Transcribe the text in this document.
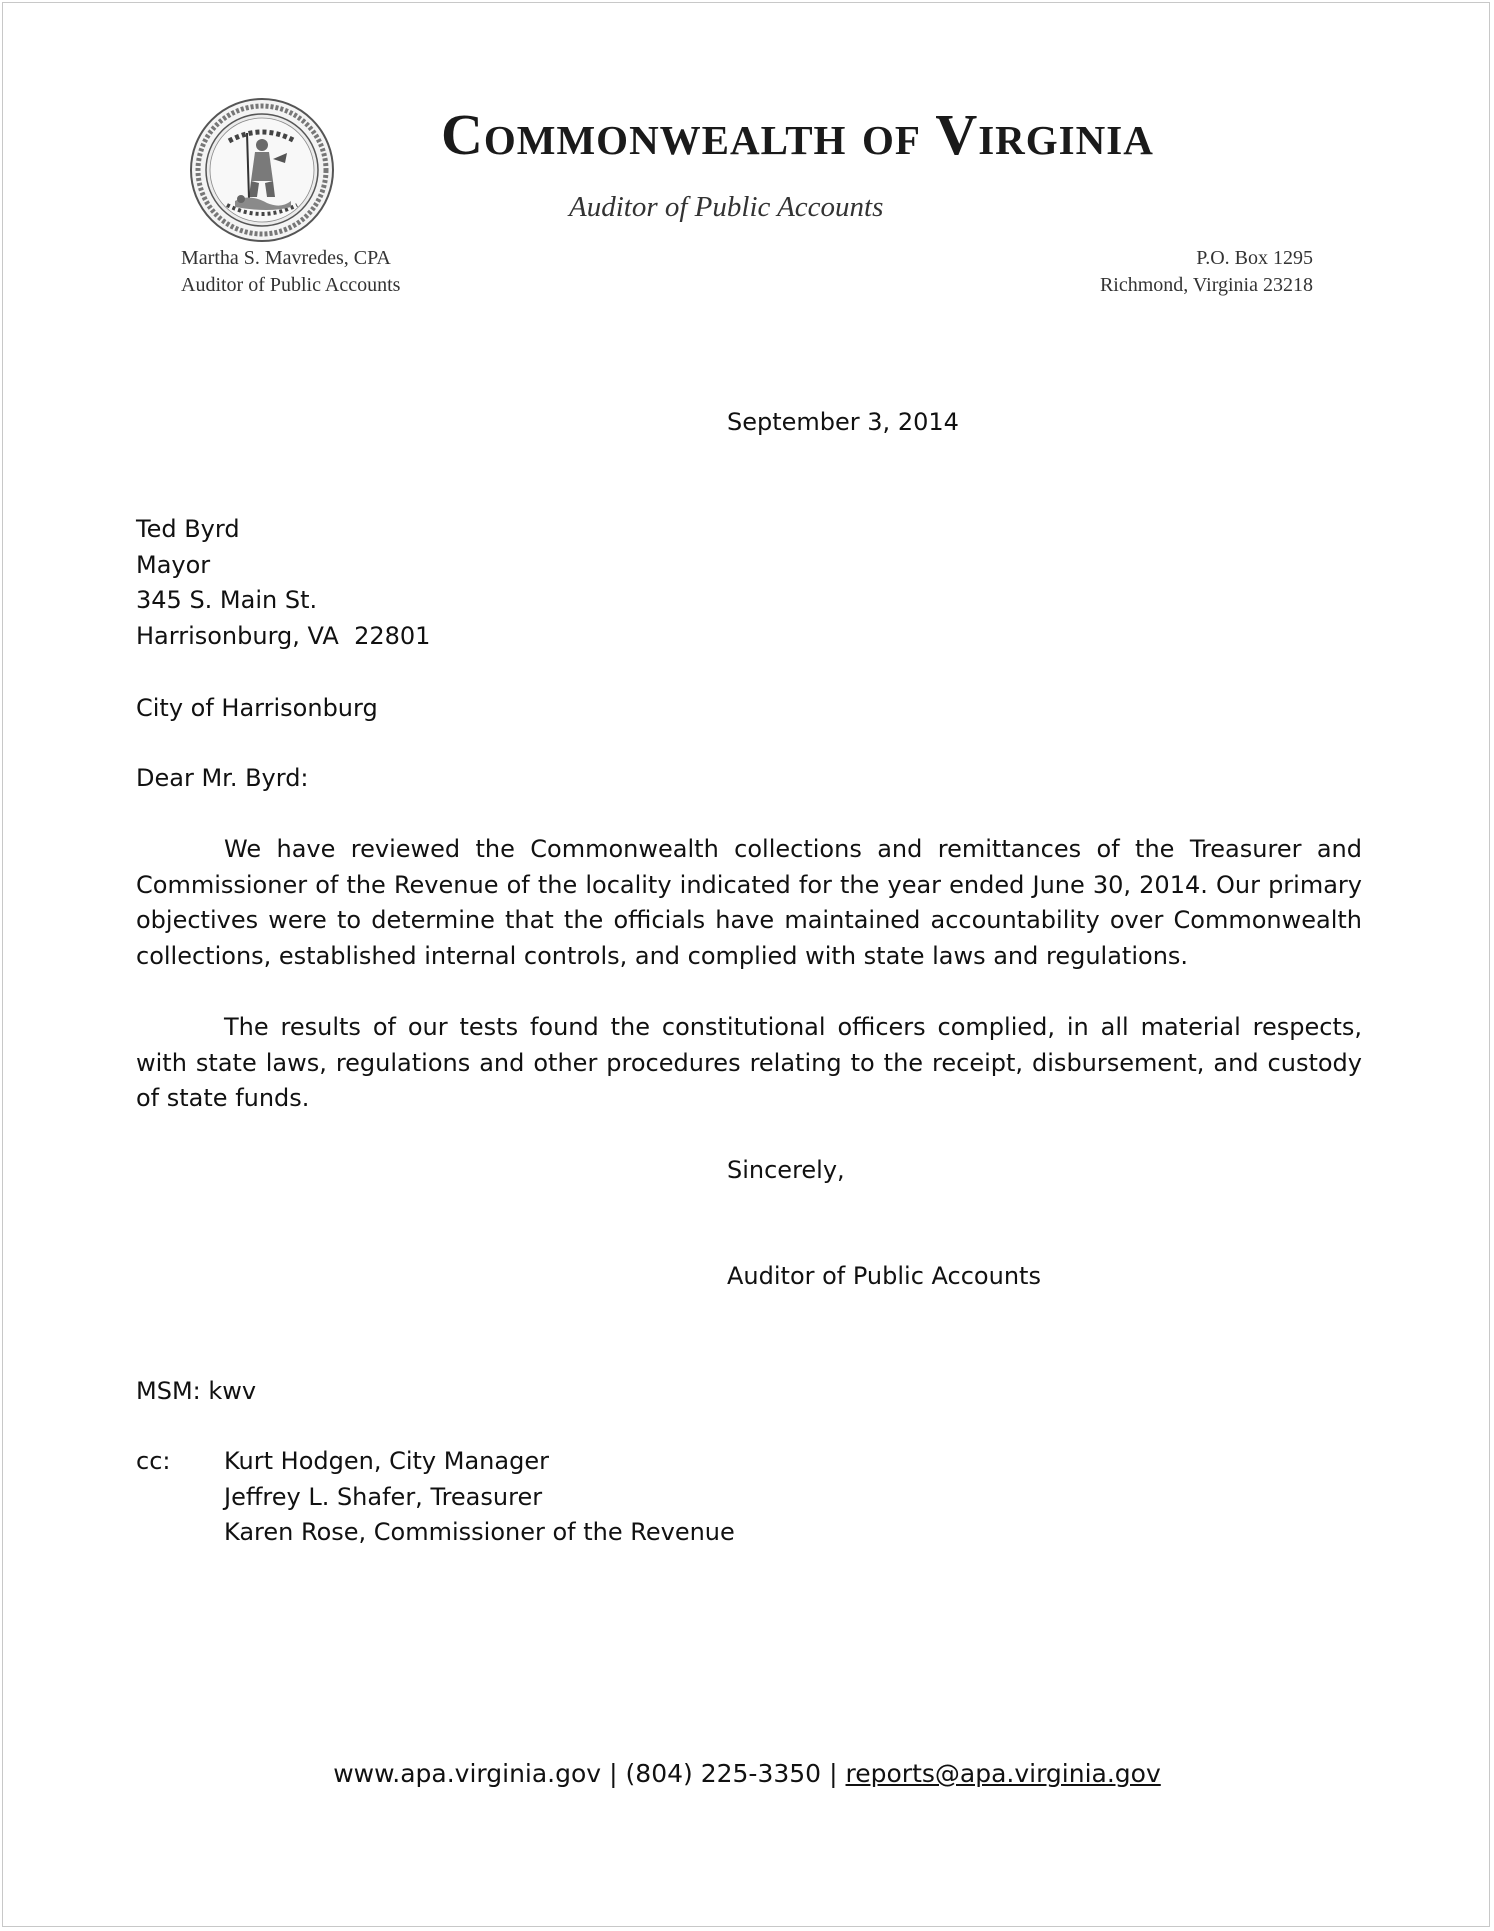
Commonwealth of Virginia
Auditor of Public Accounts
Martha S. Mavredes, CPA
Auditor of Public Accounts
P.O. Box 1295
Richmond, Virginia 23218
September 3, 2014
Ted Byrd
Mayor
345 S. Main St.
Harrisonburg, VA  22801
City of Harrisonburg
Dear Mr. Byrd:

We have reviewed the Commonwealth collections and remittances of the Treasurer and Commissioner of the Revenue of the locality indicated for the year ended June 30, 2014. Our primary objectives were to determine that the officials have maintained accountability over Commonwealth collections, established internal controls, and complied with state laws and regulations.

The results of our tests found the constitutional officers complied, in all material respects, with state laws, regulations and other procedures relating to the receipt, disbursement, and custody of state funds.

Sincerely,
Auditor of Public Accounts
MSM: kwv
cc: Kurt Hodgen, City Manager
Jeffrey L. Shafer, Treasurer
Karen Rose, Commissioner of the Revenue
www.apa.virginia.gov | (804) 225-3350 | reports@apa.virginia.gov
